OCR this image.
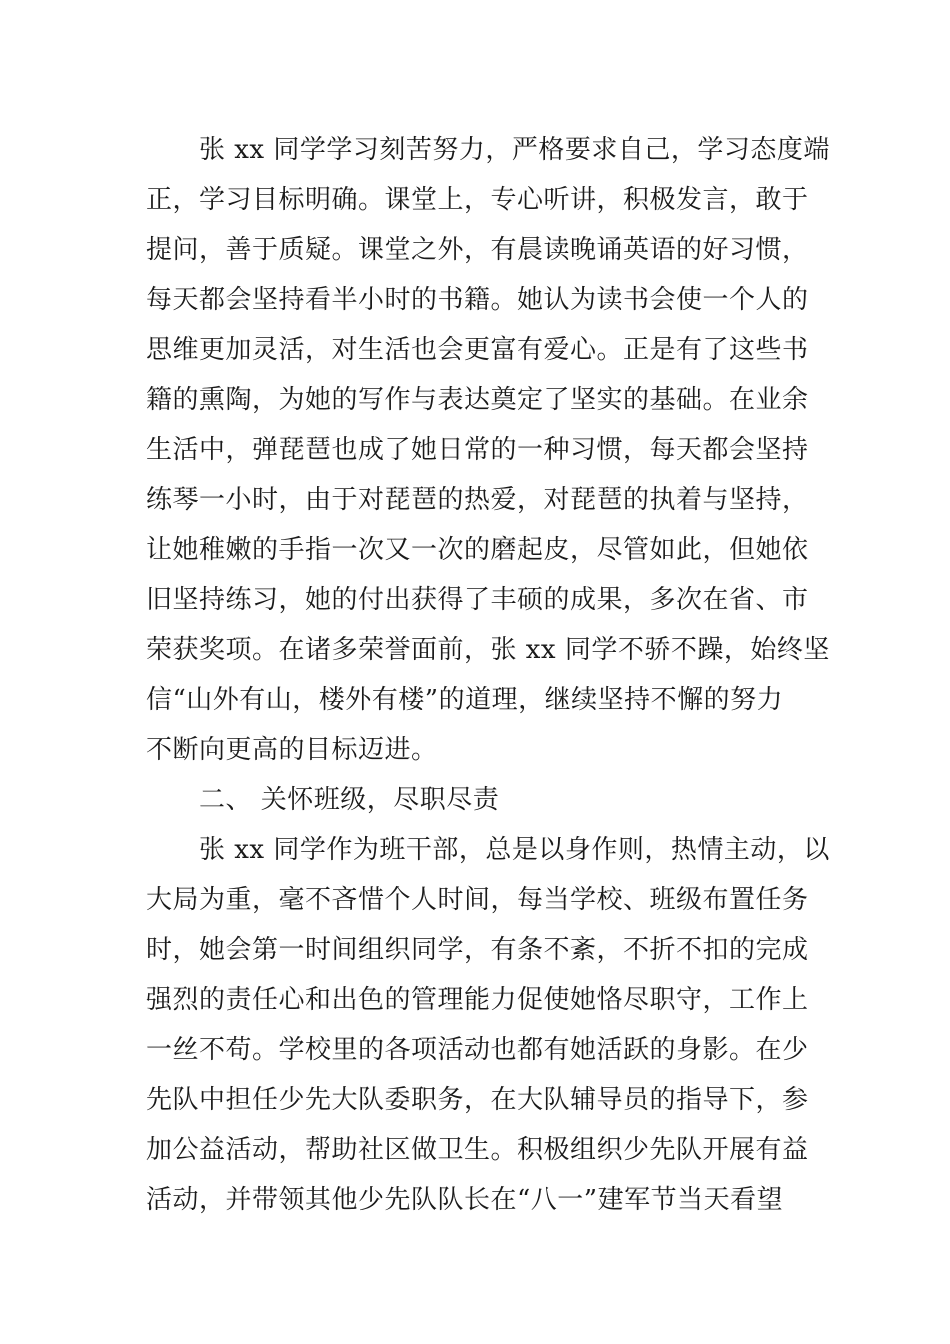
张 xx 同学学习刻苦努力，严格要求自己，学习态度端
正，学习目标明确。课堂上，专心听讲，积极发言，敢于
提问，善于质疑。课堂之外，有晨读晚诵英语的好习惯，
每天都会坚持看半小时的书籍。她认为读书会使一个人的
思维更加灵活，对生活也会更富有爱心。正是有了这些书
籍的熏陶，为她的写作与表达奠定了坚实的基础。在业余
生活中，弹琵琶也成了她日常的一种习惯，每天都会坚持
练琴一小时，由于对琵琶的热爱，对琵琶的执着与坚持，
让她稚嫩的手指一次又一次的磨起皮，尽管如此，但她依
旧坚持练习，她的付出获得了丰硕的成果，多次在省、市
荣获奖项。在诸多荣誉面前，张 xx 同学不骄不躁，始终坚
信“山外有山，楼外有楼”的道理，继续坚持不懈的努力
不断向更高的目标迈进。
二、 关怀班级，尽职尽责
张 xx 同学作为班干部，总是以身作则，热情主动，以
大局为重，毫不吝惜个人时间，每当学校、班级布置任务
时，她会第一时间组织同学，有条不紊，不折不扣的完成
强烈的责任心和出色的管理能力促使她恪尽职守，工作上
一丝不苟。学校里的各项活动也都有她活跃的身影。在少
先队中担任少先大队委职务，在大队辅导员的指导下，参
加公益活动，帮助社区做卫生。积极组织少先队开展有益
活动，并带领其他少先队队长在“八一”建军节当天看望
